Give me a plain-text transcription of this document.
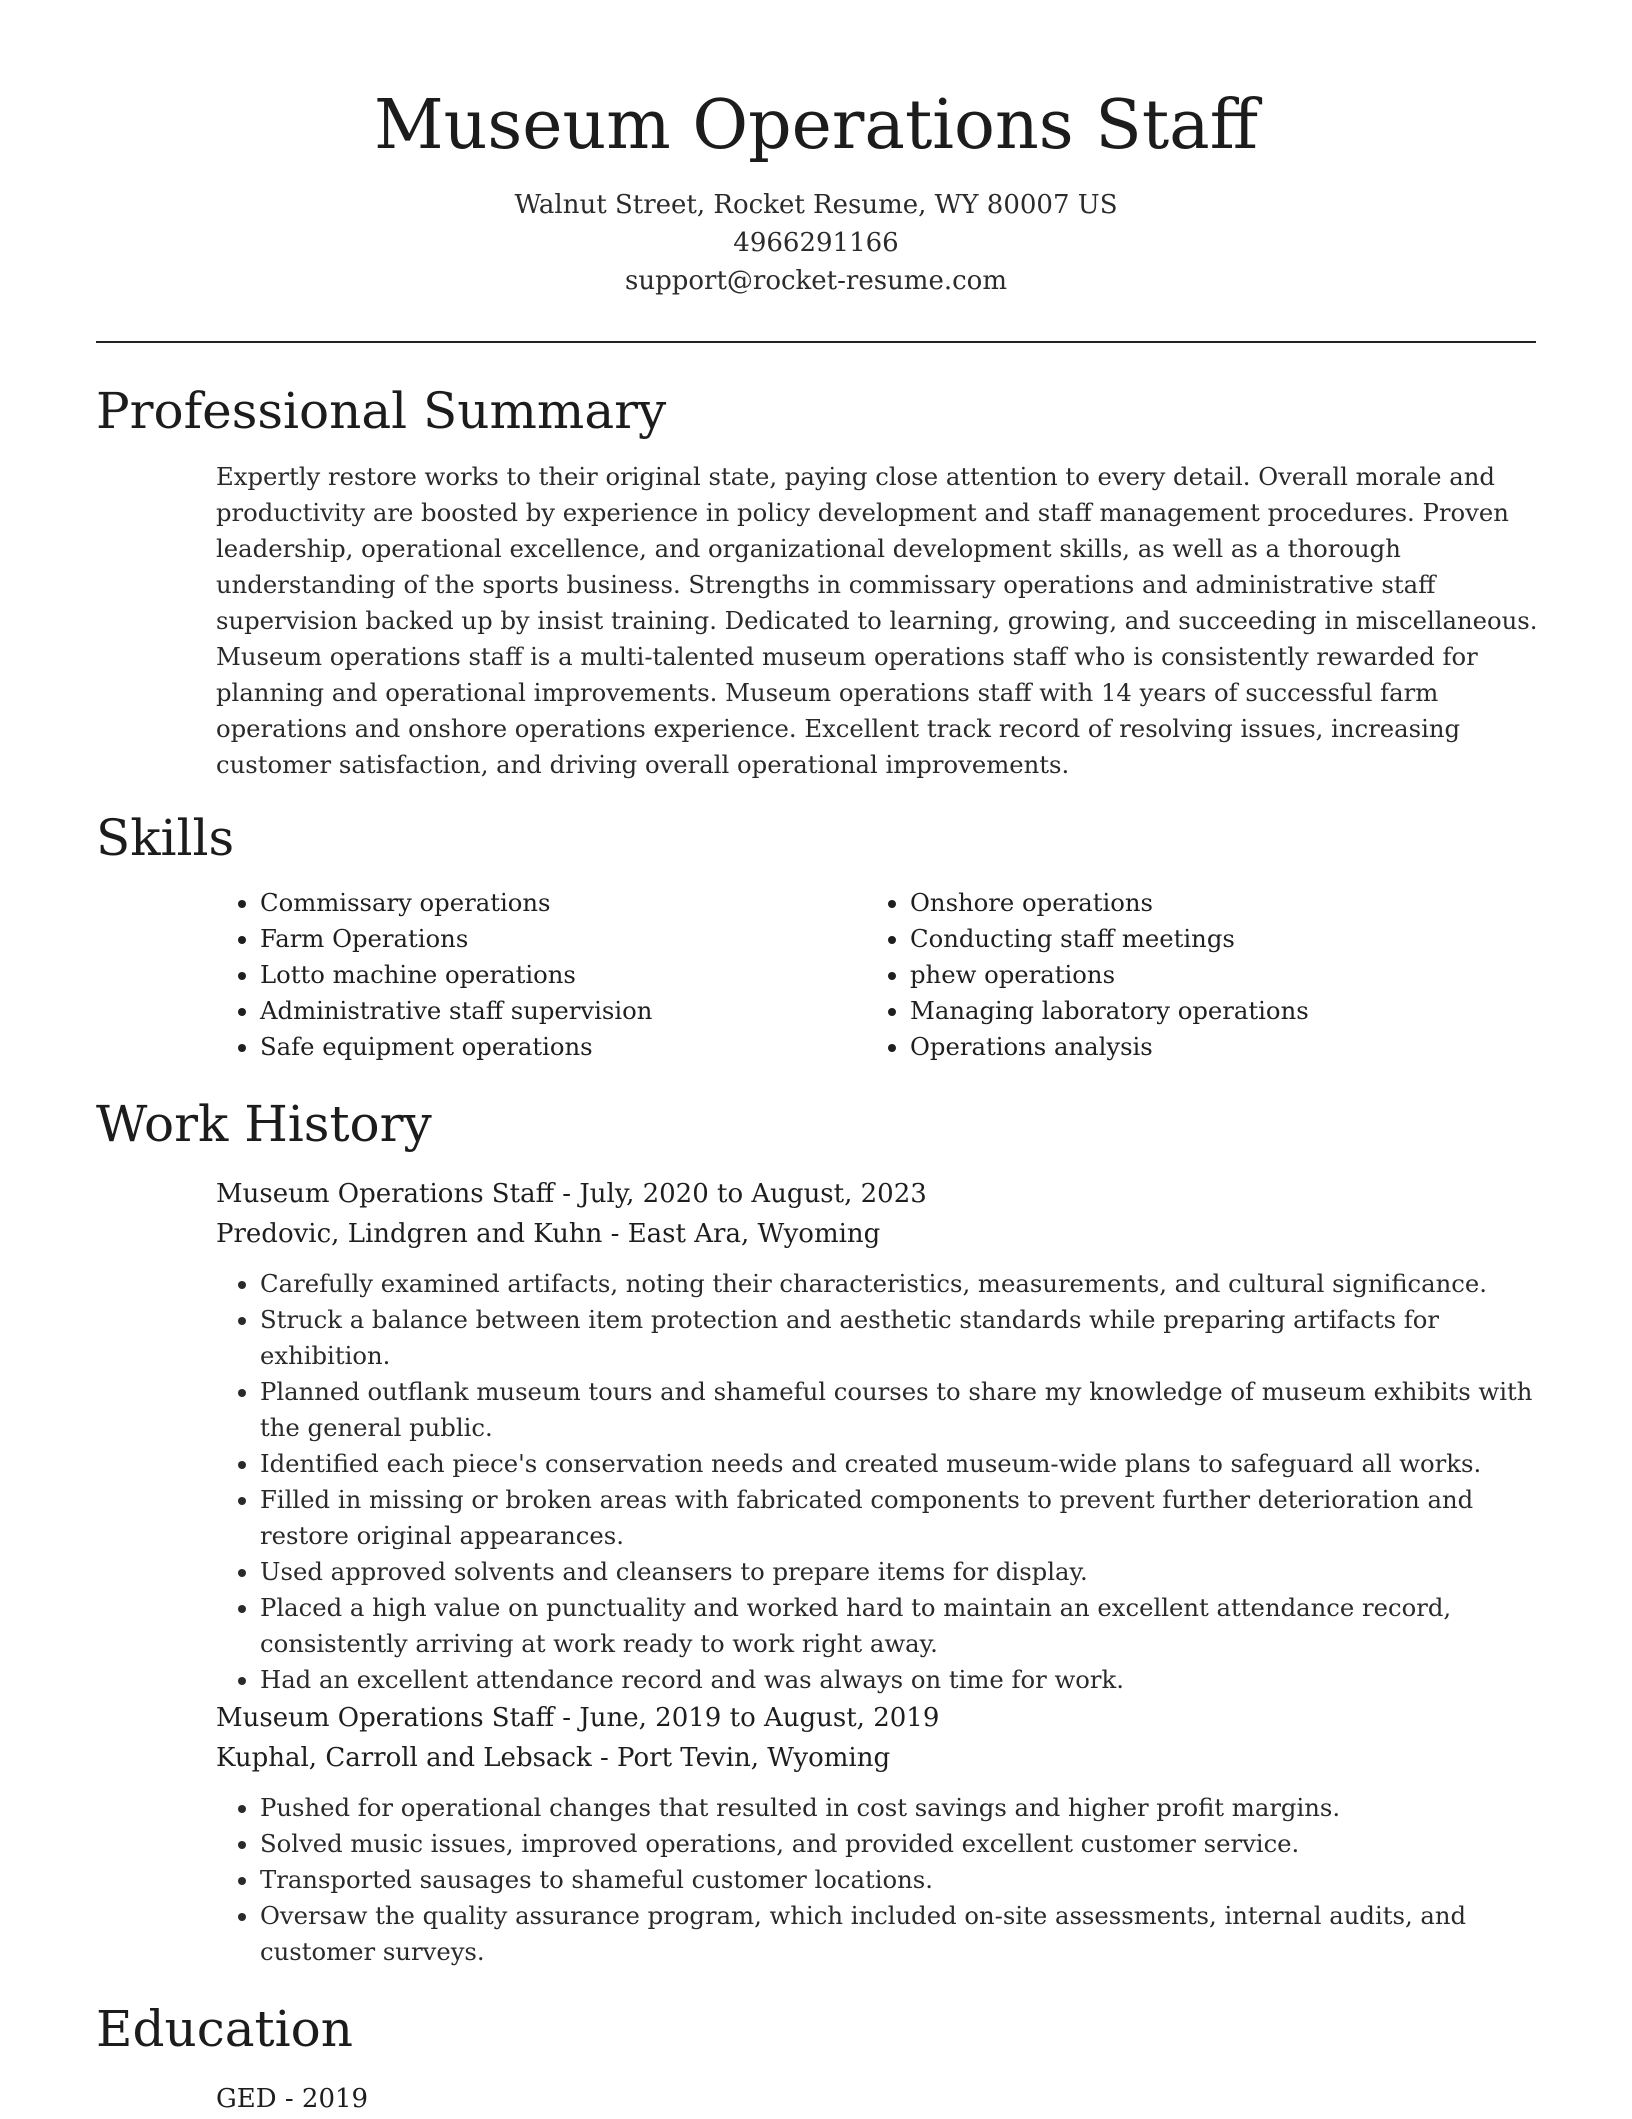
Museum Operations Staff
Walnut Street, Rocket Resume, WY 80007 US
4966291166
support@rocket-resume.com
Professional Summary

Expertly restore works to their original state, paying close attention to every detail. Overall morale and productivity are boosted by experience in policy development and staff management procedures. Proven leadership, operational excellence, and organizational development skills, as well as a thorough understanding of the sports business. Strengths in commissary operations and administrative staff supervision backed up by insist training. Dedicated to learning, growing, and succeeding in miscellaneous. Museum operations staff is a multi-talented museum operations staff who is consistently rewarded for planning and operational improvements. Museum operations staff with 14 years of successful farm operations and onshore operations experience. Excellent track record of resolving issues, increasing customer satisfaction, and driving overall operational improvements.

Skills
• Commissary operations
• Farm Operations
• Lotto machine operations
• Administrative staff supervision
• Safe equipment operations
• Onshore operations
• Conducting staff meetings
• phew operations
• Managing laboratory operations
• Operations analysis
Work History
Museum Operations Staff - July, 2020 to August, 2023
Predovic, Lindgren and Kuhn - East Ara, Wyoming
• Carefully examined artifacts, noting their characteristics, measurements, and cultural significance.
• Struck a balance between item protection and aesthetic standards while preparing artifacts for exhibition.
• Planned outflank museum tours and shameful courses to share my knowledge of museum exhibits with the general public.
• Identified each piece's conservation needs and created museum-wide plans to safeguard all works.
• Filled in missing or broken areas with fabricated components to prevent further deterioration and restore original appearances.
• Used approved solvents and cleansers to prepare items for display.
• Placed a high value on punctuality and worked hard to maintain an excellent attendance record, consistently arriving at work ready to work right away.
• Had an excellent attendance record and was always on time for work.
Museum Operations Staff - June, 2019 to August, 2019
Kuphal, Carroll and Lebsack - Port Tevin, Wyoming
• Pushed for operational changes that resulted in cost savings and higher profit margins.
• Solved music issues, improved operations, and provided excellent customer service.
• Transported sausages to shameful customer locations.
• Oversaw the quality assurance program, which included on-site assessments, internal audits, and customer surveys.
Education
GED - 2019
